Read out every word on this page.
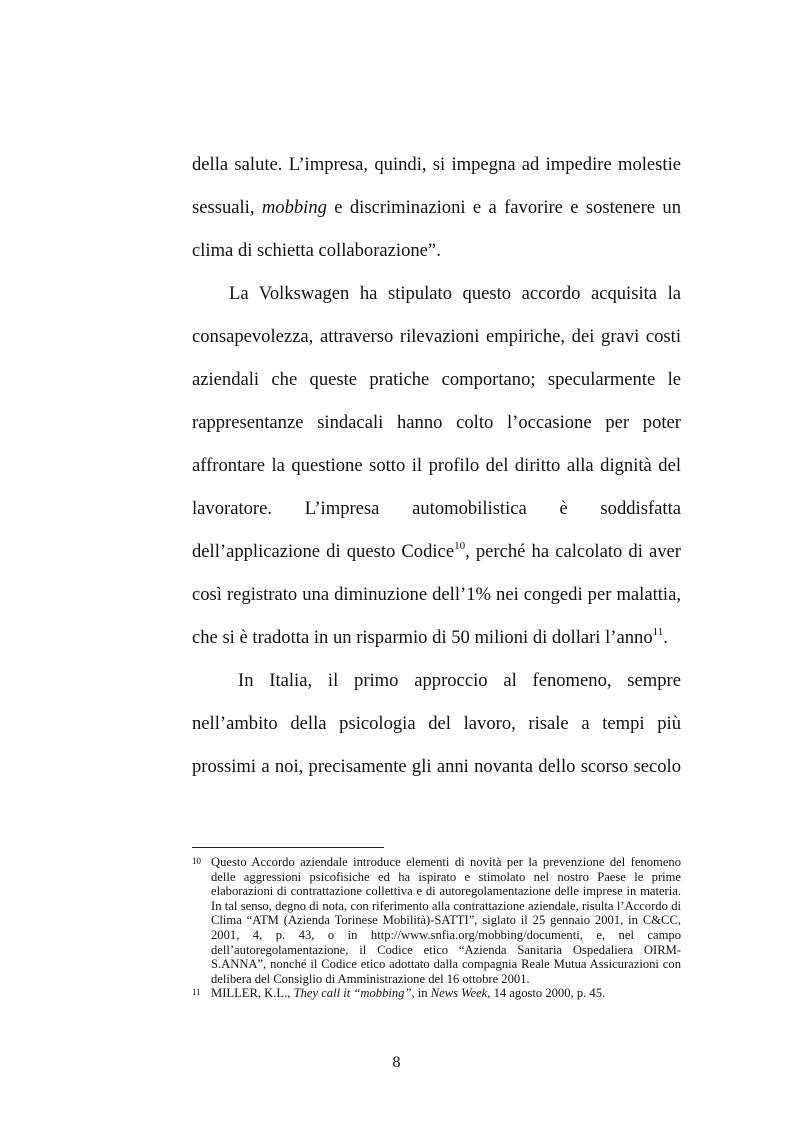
della salute. L’impresa, quindi, si impegna ad impedire molestie sessuali, mobbing e discriminazioni e a favorire e sostenere un clima di schietta collaborazione”.

La Volkswagen ha stipulato questo accordo acquisita la consapevolezza, attraverso rilevazioni empiriche, dei gravi costi aziendali che queste pratiche comportano; specularmente le rappresentanze sindacali hanno colto l’occasione per poter affrontare la questione sotto il profilo del diritto alla dignità del lavoratore. L’impresa automobilistica è soddisfatta dell’applicazione di questo Codice$^{10}$, perché ha calcolato di aver così registrato una diminuzione dell’1% nei congedi per malattia, che si è tradotta in un risparmio di 50 milioni di dollari l’anno$^{11}$.

In Italia, il primo approccio al fenomeno, sempre nell’ambito della psicologia del lavoro, risale a tempi più prossimi a noi, precisamente gli anni novanta dello scorso secolo

10 Questo Accordo aziendale introduce elementi di novità per la prevenzione del fenomeno delle aggressioni psicofisiche ed ha ispirato e stimolato nel nostro Paese le prime elaborazioni di contrattazione collettiva e di autoregolamentazione delle imprese in materia. In tal senso, degno di nota, con riferimento alla contrattazione aziendale, risulta l’Accordo di Clima “ATM (Azienda Torinese Mobilità)-SATTI”, siglato il 25 gennaio 2001, in C&CC, 2001, 4, p. 43, o in http://www.snfia.org/mobbing/documenti, e, nel campo dell’autoregolamentazione, il Codice etico “Azienda Sanitaria Ospedaliera OIRM-S.ANNA”, nonché il Codice etico adottato dalla compagnia Reale Mutua Assicurazioni con delibera del Consiglio di Amministrazione del 16 ottobre 2001.
11 MILLER, K.L., They call it “mobbing”, in News Week, 14 agosto 2000, p. 45.
8
